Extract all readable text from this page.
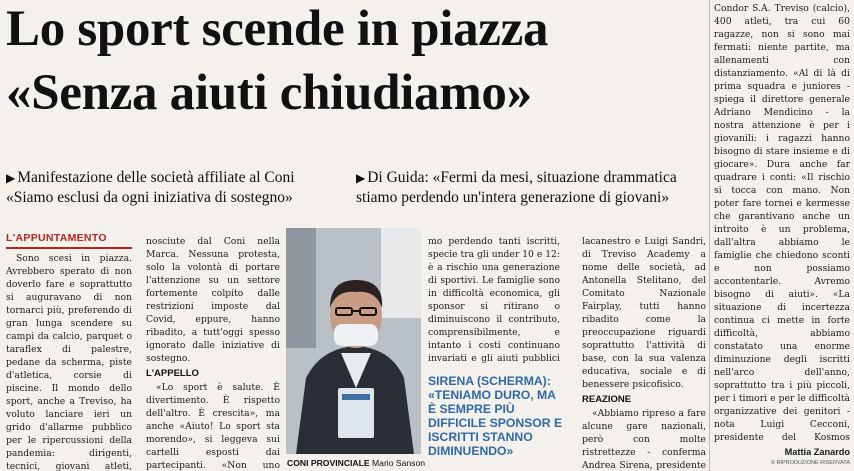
Lo sport scende in piazza
«Senza aiuti chiudiamo»
▶ Manifestazione delle società affiliate al Coni
«Siamo esclusi da ogni iniziativa di sostegno»
▶ Di Guida: «Fermi da mesi, situazione drammatica
stiamo perdendo un'intera generazione di giovani»
L'APPUNTAMENTO

Sono scesi in piazza. Avrebbero sperato di non doverlo fare e soprattutto si auguravano di non tornarci più, preferendo di gran lunga scendere su campi da calcio, parquet o taraflex di palestre, pedane da scherma, piste d'atletica, corsie di piscine. Il mondo dello sport, anche a Treviso, ha voluto lanciare ieri un grido d'allarme pubblico per le ripercussioni della pandemia: dirigenti, tecnici, giovani atleti,

nosciute dal Coni nella Marca. Nessuna protesta, solo la volontà di portare l'attenzione su un settore fortemente colpito dalle restrizioni imposte dal Covid, eppure, hanno ribadito, a tutt'oggi spesso ignorato dalle iniziative di sostegno.

L'APPELLO

«Lo sport è salute. È divertimento. È rispetto dell'altro. È crescita», ma anche «Aiuto! Lo sport sta morendo», si leggeva sui cartelli esposti dai partecipanti. «Non uno CONI PROVINCIALE Mario Sanson

mo perdendo tanti iscritti, specie tra gli under 10 e 12: è a rischio una generazione di sportivi. Le famiglie sono in difficoltà economica, gli sponsor si ritirano o diminuiscono il contributo, comprensibilmente, e intanto i costi continuano invariati e gli aiuti pubblici

SIRENA (SCHERMA):
«TENIAMO DURO, MA È SEMPRE PIÙ DIFFICILE SPONSOR E ISCRITTI STANNO DIMINUENDO»

lacanestro e Luigi Sandri, di Treviso Academy a nome delle società, ad Antonella Stelitano, del Comitato Nazionale Fairplay, tutti hanno ribadito come la preoccupazione riguardi soprattutto l'attività di base, con la sua valenza educativa, sociale e di benessere psicofisico.

REAZIONE

«Abbiamo ripreso a fare alcune gare nazionali, però con molte ristrettezze - conferma Andrea Sirena, presidente

Condor S.A. Treviso (calcio), 400 atleti, tra cui 60 ragazze, non si sono mai fermati: niente partite, ma allenamenti con distanziamento. «Al di là di prima squadra e juniores - spiega il direttore generale Adriano Mendicino - la nostra attenzione è per i giovanili: i ragazzi hanno bisogno di stare insieme e di giocare». Dura anche far quadrare i conti: «Il rischio si tocca con mano. Non poter fare tornei e kermesse che garantivano anche un introito è un problema, dall'altra abbiamo le famiglie che chiedono sconti e non possiamo accontentarle. Avremo bisogno di aiuti». «La situazione di incertezza continua ci mette in forte difficoltà, abbiamo constatato una enorme diminuzione degli iscritti nell'arco dell'anno, soprattutto tra i più piccoli, per i timori e per le difficoltà organizzative dei genitori - nota Luigi Cecconi, presidente del Kosmos

Mattia Zanardo
© RIPRODUZIONE RISERVATA
